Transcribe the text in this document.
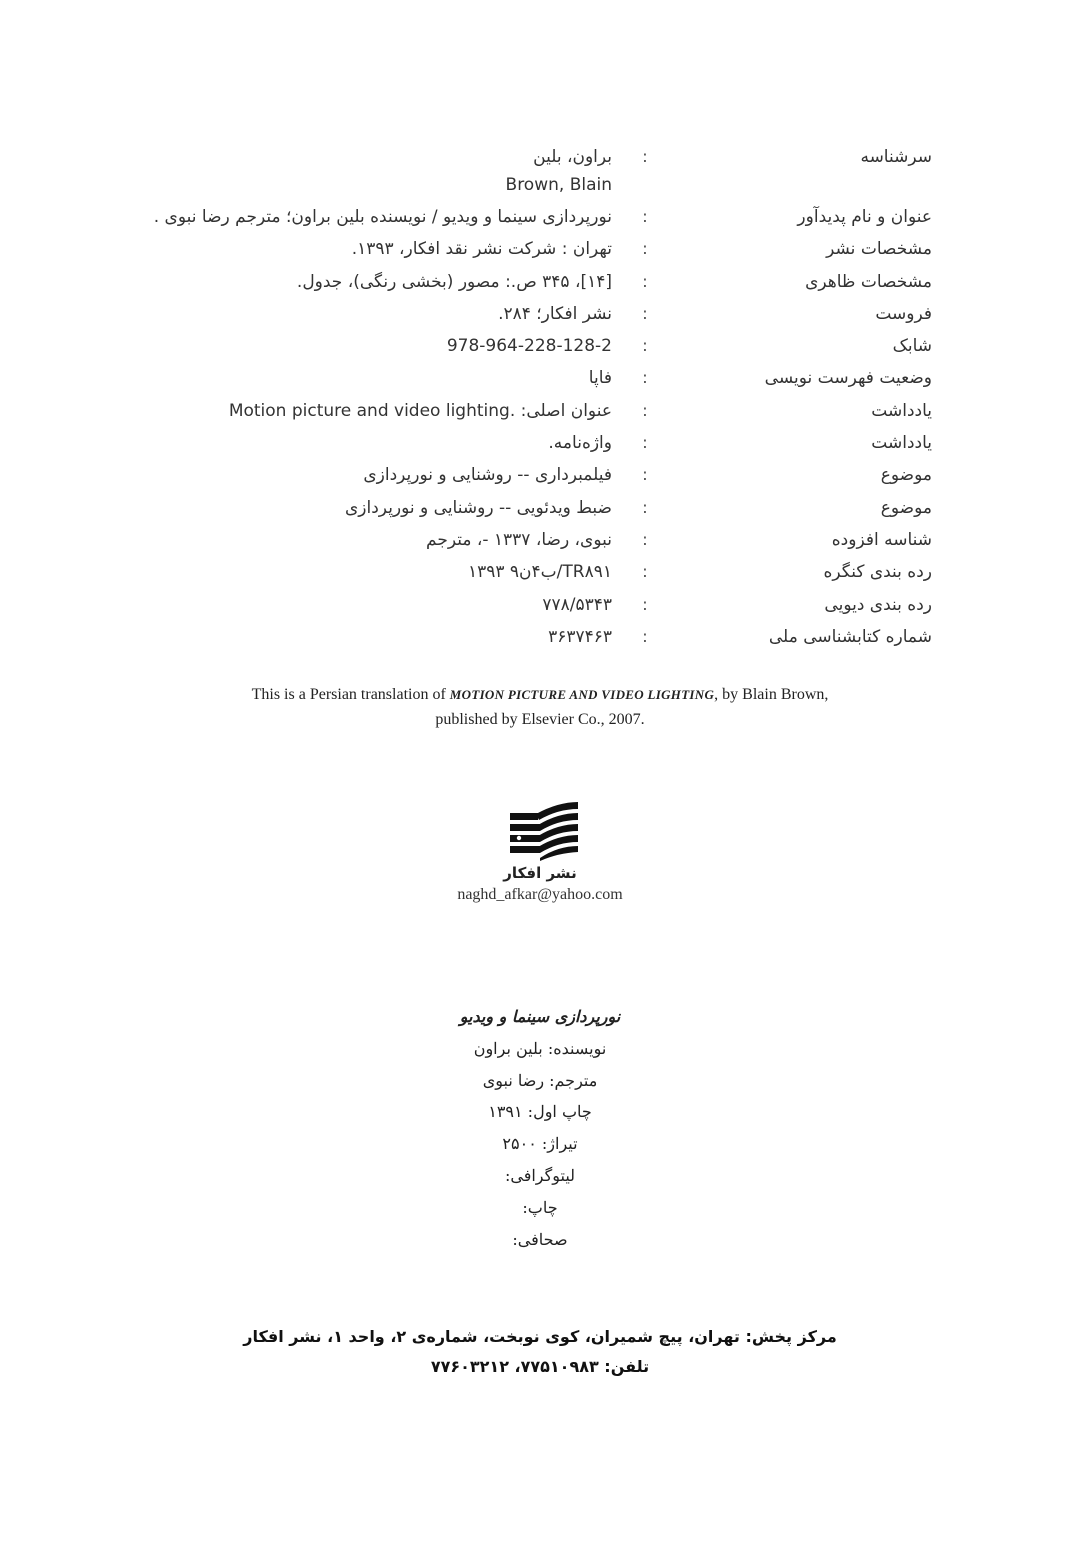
سرشناسه
:
براون، بلین
Brown, Blain
عنوان و نام پدیدآور
:
نورپردازی سینما و ویدیو / نویسنده بلین براون؛ مترجم رضا نبوی .
مشخصات نشر
:
تهران : شرکت نشر نقد افکار، ۱۳۹۳.
مشخصات ظاهری
:
[۱۴]، ۳۴۵ ص.: مصور (بخشی رنگی)، جدول.
فروست
:
نشر افکار؛ ۲۸۴.
شابک
:
978-964-228-128-2
وضعیت فهرست نویسی
:
فاپا
یادداشت
:
عنوان اصلی: .Motion picture and video lighting
یادداشت
:
واژه‌نامه.
موضوع
:
فیلمبرداری -- روشنایی و نورپردازی
موضوع
:
ضبط ویدئویی -- روشنایی و نورپردازی
شناسه افزوده
:
نبوی، رضا، ۱۳۳۷ -، مترجم
رده بندی کنگره
:
TR۸۹۱/ب۴ن۹ ۱۳۹۳
رده بندی دیویی
:
۷۷۸/۵۳۴۳
شماره کتابشناسی ملی
:
۳۶۳۷۴۶۳
This is a Persian translation of MOTION PICTURE AND VIDEO LIGHTING, by Blain Brown,
published by Elsevier Co., 2007.
نشر افکار
naghd_afkar@yahoo.com
نورپردازی سینما و ویدیو
نویسنده: بلین براون
مترجم: رضا نبوی
چاپ اول: ۱۳۹۱
تیراژ: ۲۵۰۰
لیتوگرافی:
چاپ:
صحافی:
مرکز پخش: تهران، پیچ شمیران، کوی نوبخت، شماره‌ی ۲، واحد ۱، نشر افکار
تلفن: ۷۷۵۱۰۹۸۳، ۷۷۶۰۳۲۱۲
